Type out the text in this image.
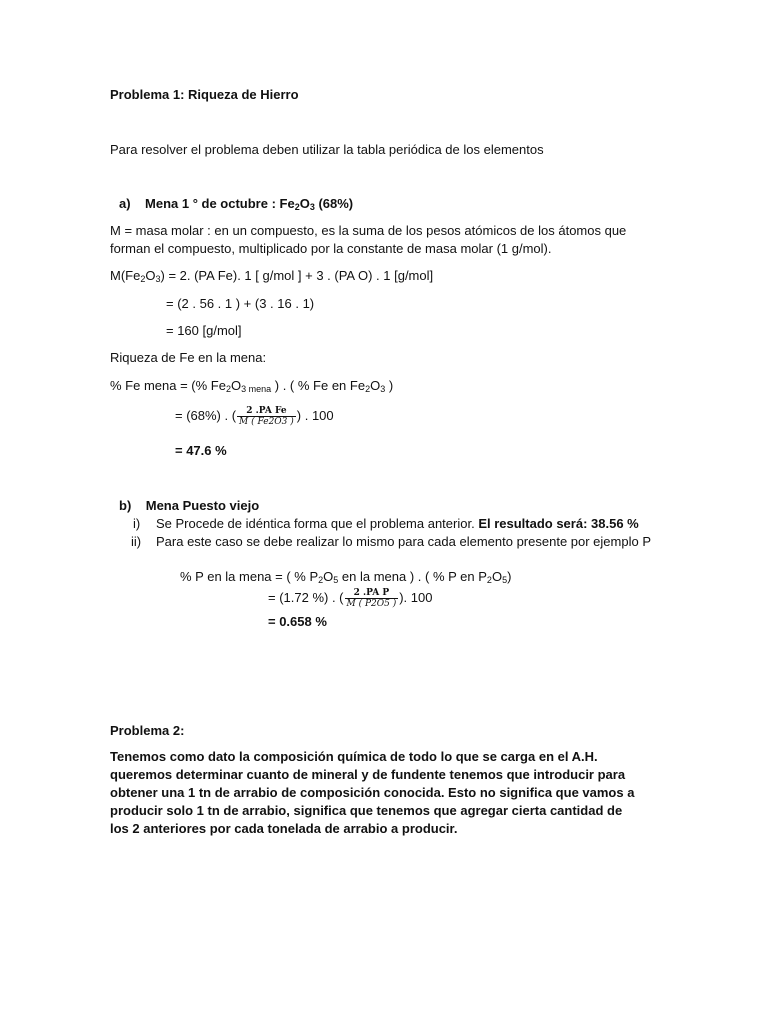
Problema 1: Riqueza de Hierro
Para resolver el problema deben utilizar la tabla periódica de los elementos
a) Mena 1 ° de octubre : $Fe_2O_3$ (68%)
M = masa molar : en un compuesto, es la suma de los pesos atómicos de los átomos que
forman el compuesto, multiplicado por la constante de masa molar (1 g/mol).
$M(Fe_2O_3) = 2$. (PA Fe). 1 [ g/mol ] + 3 . (PA O) . 1 [g/mol]
= (2 . 56 . 1 ) + (3 . 16 . 1)
= 160 [g/mol]
Riqueza de Fe en la mena:
% Fe mena = (% $Fe_2O_{3 mena}$ ) . ( % Fe en $Fe_2O_3$ )
= (68%) . ( $\frac{\text{2 .PA Fe}}{M ( Fe2O3 )}$ ) . 100
= 47.6 %
b) Mena Puesto viejo
i) Se Procede de idéntica forma que el problema anterior. El resultado será: 38.56 %
ii) Para este caso se debe realizar lo mismo para cada elemento presente por ejemplo P
% P en la mena = ( % $P_2O_5$ en la mena ) . ( % P en $P_2O_5$)
= (1.72 %) . ( $\frac{\text{2 .PA P}}{M ( P2O5 )}$ ). 100
= 0.658 %
Problema 2:
Tenemos como dato la composición química de todo lo que se carga en el A.H. queremos determinar cuanto de mineral y de fundente tenemos que introducir para obtener una 1 tn de arrabio de composición conocida. Esto no significa que vamos a producir solo 1 tn de arrabio, significa que tenemos que agregar cierta cantidad de los 2 anteriores por cada tonelada de arrabio a producir.
